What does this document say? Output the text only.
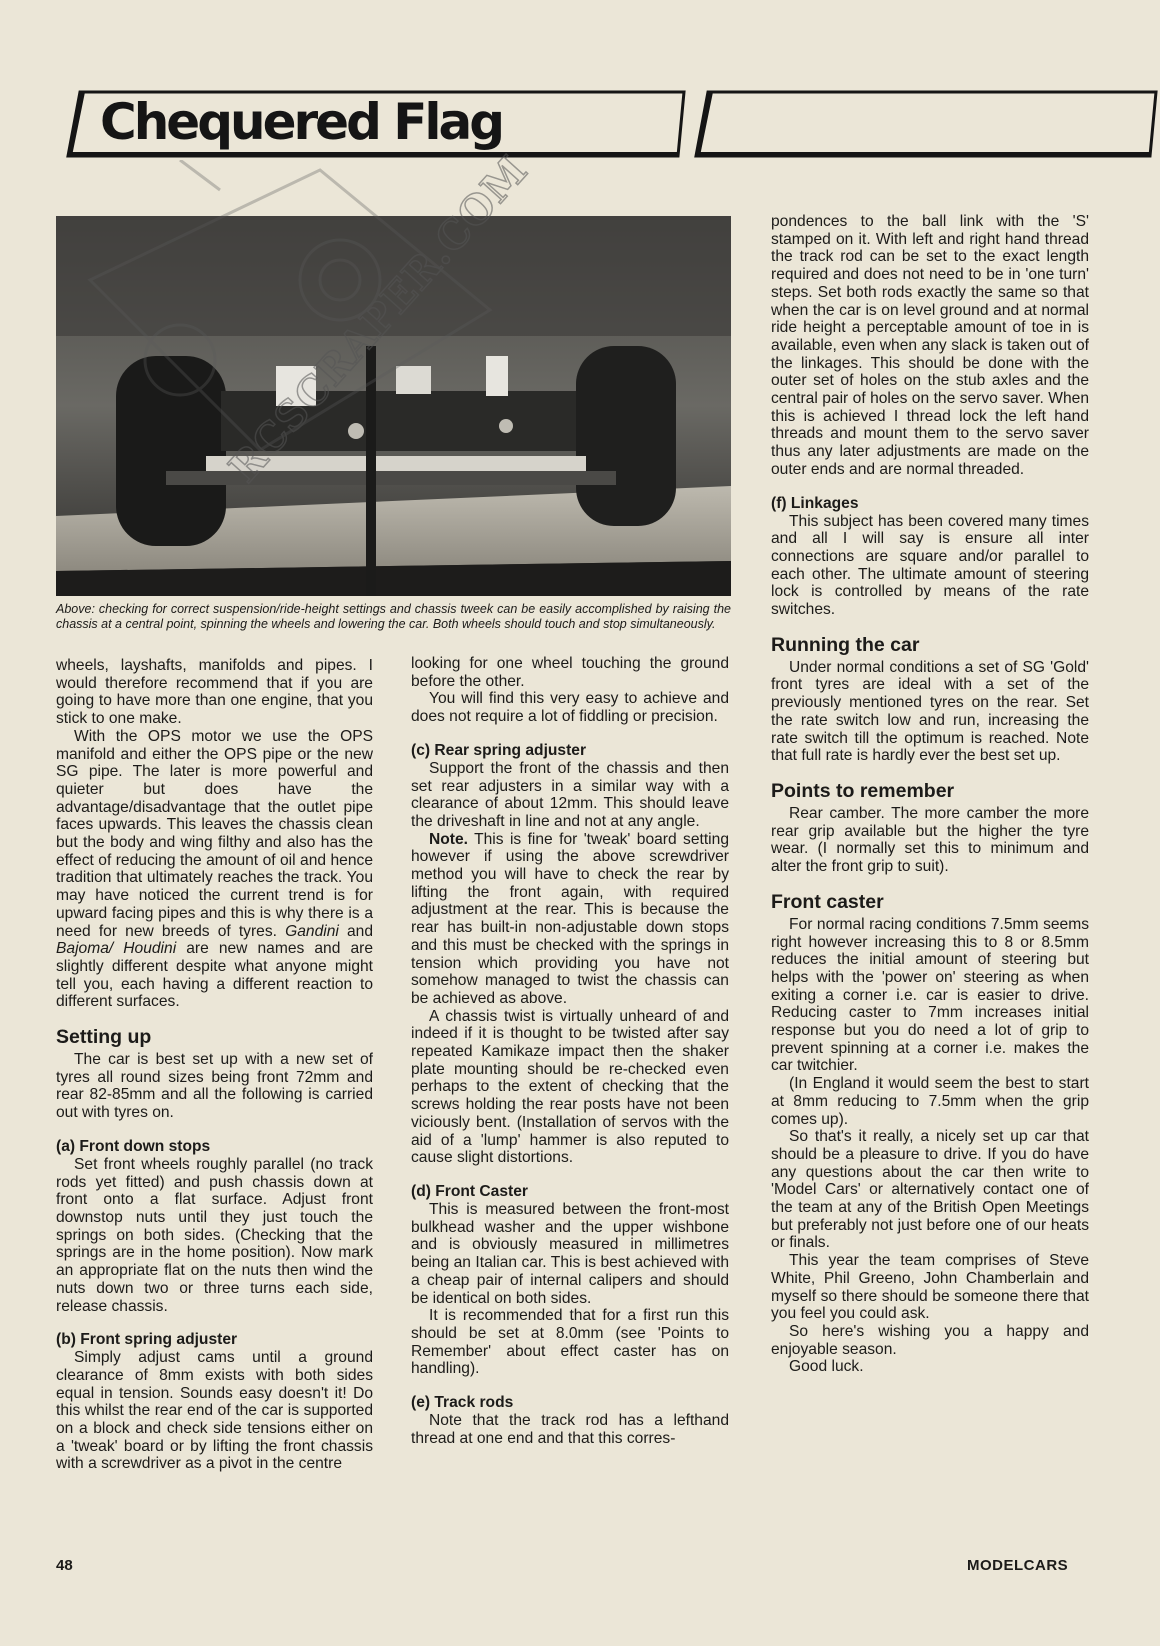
Chequered Flag
Above: checking for correct suspension/ride-height settings and chassis tweek can be easily accomplished by raising the chassis at a central point, spinning the wheels and lowering the car. Both wheels should touch and stop simultaneously.

wheels, layshafts, manifolds and pipes. I would therefore recommend that if you are going to have more than one engine, that you stick to one make.

With the OPS motor we use the OPS manifold and either the OPS pipe or the new SG pipe. The later is more powerful and quieter but does have the advantage/disadvantage that the outlet pipe faces upwards. This leaves the chassis clean but the body and wing filthy and also has the effect of reducing the amount of oil and hence tradition that ultimately reaches the track. You may have noticed the current trend is for upward facing pipes and this is why there is a need for new breeds of tyres. Gandini and Bajoma/ Houdini are new names and are slightly different despite what anyone might tell you, each having a different reaction to different surfaces.

Setting up

The car is best set up with a new set of tyres all round sizes being front 72mm and rear 82-85mm and all the following is carried out with tyres on.

(a) Front down stops

Set front wheels roughly parallel (no track rods yet fitted) and push chassis down at front onto a flat surface. Adjust front downstop nuts until they just touch the springs on both sides. (Checking that the springs are in the home position). Now mark an appropriate flat on the nuts then wind the nuts down two or three turns each side, release chassis.

(b) Front spring adjuster

Simply adjust cams until a ground clearance of 8mm exists with both sides equal in tension. Sounds easy doesn't it! Do this whilst the rear end of the car is supported on a block and check side tensions either on a 'tweak' board or by lifting the front chassis with a screwdriver as a pivot in the centre

looking for one wheel touching the ground before the other.

You will find this very easy to achieve and does not require a lot of fiddling or precision.

(c) Rear spring adjuster

Support the front of the chassis and then set rear adjusters in a similar way with a clearance of about 12mm. This should leave the driveshaft in line and not at any angle.

Note. This is fine for 'tweak' board setting however if using the above screwdriver method you will have to check the rear by lifting the front again, with required adjustment at the rear. This is because the rear has built-in non-adjustable down stops and this must be checked with the springs in tension which providing you have not somehow managed to twist the chassis can be achieved as above.

A chassis twist is virtually unheard of and indeed if it is thought to be twisted after say repeated Kamikaze impact then the shaker plate mounting should be re-checked even perhaps to the extent of checking that the screws holding the rear posts have not been viciously bent. (Installation of servos with the aid of a 'lump' hammer is also reputed to cause slight distortions.

(d) Front Caster

This is measured between the front-most bulkhead washer and the upper wishbone and is obviously measured in millimetres being an Italian car. This is best achieved with a cheap pair of internal calipers and should be identical on both sides.

It is recommended that for a first run this should be set at 8.0mm (see 'Points to Remember' about effect caster has on handling).

(e) Track rods

Note that the track rod has a lefthand thread at one end and that this corres-

pondences to the ball link with the 'S' stamped on it. With left and right hand thread the track rod can be set to the exact length required and does not need to be in 'one turn' steps. Set both rods exactly the same so that when the car is on level ground and at normal ride height a perceptable amount of toe in is available, even when any slack is taken out of the linkages. This should be done with the outer set of holes on the stub axles and the central pair of holes on the servo saver. When this is achieved I thread lock the left hand threads and mount them to the servo saver thus any later adjustments are made on the outer ends and are normal threaded.

(f) Linkages

This subject has been covered many times and all I will say is ensure all inter connections are square and/or parallel to each other. The ultimate amount of steering lock is controlled by means of the rate switches.

Running the car

Under normal conditions a set of SG 'Gold' front tyres are ideal with a set of the previously mentioned tyres on the rear. Set the rate switch low and run, increasing the rate switch till the optimum is reached. Note that full rate is hardly ever the best set up.

Points to remember

Rear camber. The more camber the more rear grip available but the higher the tyre wear. (I normally set this to minimum and alter the front grip to suit).

Front caster

For normal racing conditions 7.5mm seems right however increasing this to 8 or 8.5mm reduces the initial amount of steering but helps with the 'power on' steering as when exiting a corner i.e. car is easier to drive. Reducing caster to 7mm increases initial response but you do need a lot of grip to prevent spinning at a corner i.e. makes the car twitchier.

(In England it would seem the best to start at 8mm reducing to 7.5mm when the grip comes up).

So that's it really, a nicely set up car that should be a pleasure to drive. If you do have any questions about the car then write to 'Model Cars' or alternatively contact one of the team at any of the British Open Meetings but preferably not just before one of our heats or finals.

This year the team comprises of Steve White, Phil Greeno, John Chamberlain and myself so there should be someone there that you feel you could ask.

So here's wishing you a happy and enjoyable season.

Good luck.

48	MODELCARS
